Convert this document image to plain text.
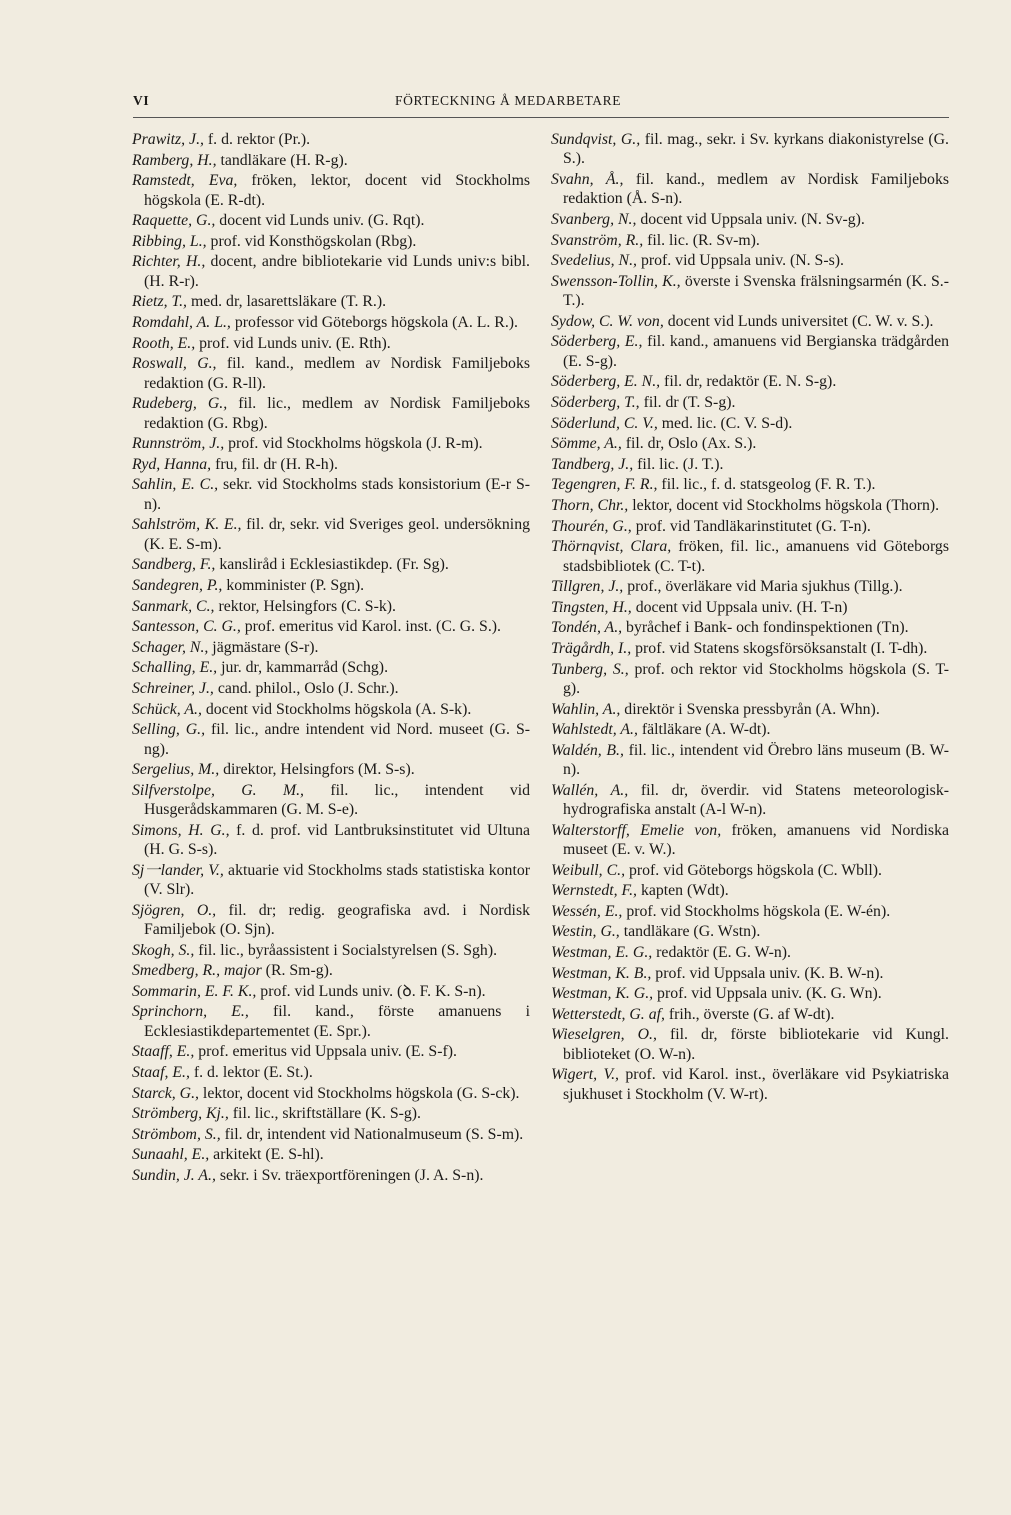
VI	FÖRTECKNING Å MEDARBETARE

Prawitz, J., f. d. rektor (Pr.).

Ramberg, H., tandläkare (H. R-g).

Ramstedt, Eva, fröken, lektor, docent vid Stockholms högskola (E. R-dt).

Raquette, G., docent vid Lunds univ. (G. Rqt).

Ribbing, L., prof. vid Konsthögskolan (Rbg).

Richter, H., docent, andre bibliotekarie vid Lunds univ:s bibl. (H. R-r).

Rietz, T., med. dr, lasarettsläkare (T. R.).

Romdahl, A. L., professor vid Göteborgs högskola (A. L. R.).

Rooth, E., prof. vid Lunds univ. (E. Rth).

Roswall, G., fil. kand., medlem av Nordisk Familjeboks redaktion (G. R-ll).

Rudeberg, G., fil. lic., medlem av Nordisk Familjeboks redaktion (G. Rbg).

Runnström, J., prof. vid Stockholms högskola (J. R-m).

Ryd, Hanna, fru, fil. dr (H. R-h).

Sahlin, E. C., sekr. vid Stockholms stads konsistorium (E-r S-n).

Sahlström, K. E., fil. dr, sekr. vid Sveriges geol. undersökning (K. E. S-m).

Sandberg, F., kanslіråd i Ecklesiastikdep. (Fr. Sg).

Sandegren, P., komminister (P. Sgn).

Sanmark, C., rektor, Helsingfors (C. S-k).

Santesson, C. G., prof. emeritus vid Karol. inst. (C. G. S.).

Schager, N., jägmästare (S-r).

Schalling, E., jur. dr, kammarråd (Schg).

Schreiner, J., cand. philol., Oslo (J. Schr.).

Schück, A., docent vid Stockholms högskola (A. S-k).

Selling, G., fil. lic., andre intendent vid Nord. museet (G. S-ng).

Sergelius, M., direktor, Helsingfors (M. S-s).

Silfverstolpe, G. M., fil. lic., intendent vid Husgerådskammaren (G. M. S-e).

Simons, H. G., f. d. prof. vid Lantbruksinstitutet vid Ultuna (H. G. S-s).

Sj㆒lander, V., aktuarie vid Stockholms stads statistiska kontor (V. Slr).

Sjögren, O., fil. dr; redig. geografiska avd. i Nordisk Familjebok (O. Sjn).

Skogh, S., fil. lic., byråassistent i Socialstyrelsen (S. Sgh).

Smedberg, R., major (R. Sm-g).

Sommarin, E. F. K., prof. vid Lunds univ. (ꝺ. F. K. S-n).

Sprinchorn, E., fil. kand., förste amanuens i Ecklesiastikdepartementet (E. Spr.).

Staaff, E., prof. emeritus vid Uppsala univ. (E. S-f).

Staaf, E., f. d. lektor (E. St.).

Starck, G., lektor, docent vid Stockholms högskola (G. S-ck).

Strömberg, Kj., fil. lic., skriftställare (K. S-g).

Strömbom, S., fil. dr, intendent vid Nationalmuseum (S. S-m).

Sunaahl, E., arkitekt (E. S-hl).

Sundin, J. A., sekr. i Sv. träexportföreningen (J. A. S-n).

Sundqvist, G., fil. mag., sekr. i Sv. kyrkans diakonistyrelse (G. S.).

Svahn, Å., fil. kand., medlem av Nordisk Familjeboks redaktion (Å. S-n).

Svanberg, N., docent vid Uppsala univ. (N. Sv-g).

Svanström, R., fil. lic. (R. Sv-m).

Svedelius, N., prof. vid Uppsala univ. (N. S-s).

Swensson-Tollin, K., överste i Svenska frälsningsarmén (K. S.-T.).

Sydow, C. W. von, docent vid Lunds universitet (C. W. v. S.).

Söderberg, E., fil. kand., amanuens vid Bergianska trädgården (E. S-g).

Söderberg, E. N., fil. dr, redaktör (E. N. S-g).

Söderberg, T., fil. dr (T. S-g).

Söderlund, C. V., med. lic. (C. V. S-d).

Sömme, A., fil. dr, Oslo (Ax. S.).

Tandberg, J., fil. lic. (J. T.).

Tegengren, F. R., fil. lic., f. d. statsgeolog (F. R. T.).

Thorn, Chr., lektor, docent vid Stockholms högskola (Thorn).

Thourén, G., prof. vid Tandläkarinstitutet (G. T-n).

Thörnqvist, Clara, fröken, fil. lic., amanuens vid Göteborgs stadsbibliotek (C. T-t).

Tillgren, J., prof., överläkare vid Maria sjukhus (Tillg.).

Tingsten, H., docent vid Uppsala univ. (H. T-n)

Tondén, A., byråchef i Bank- och fondinspektionen (Tn).

Trägårdh, I., prof. vid Statens skogsförsöksanstalt (I. T-dh).

Tunberg, S., prof. och rektor vid Stockholms högskola (S. T-g).

Wahlin, A., direktör i Svenska pressbyrån (A. Whn).

Wahlstedt, A., fältläkare (A. W-dt).

Waldén, B., fil. lic., intendent vid Örebro läns museum (B. W-n).

Wallén, A., fil. dr, överdir. vid Statens meteorologisk-hydrografiska anstalt (A-l W-n).

Walterstorff, Emelie von, fröken, amanuens vid Nordiska museet (E. v. W.).

Weibull, C., prof. vid Göteborgs högskola (C. Wbll).

Wernstedt, F., kapten (Wdt).

Wessén, E., prof. vid Stockholms högskola (E. W-én).

Westin, G., tandläkare (G. Wstn).

Westman, E. G., redaktör (E. G. W-n).

Westman, K. B., prof. vid Uppsala univ. (K. B. W-n).

Westman, K. G., prof. vid Uppsala univ. (K. G. Wn).

Wetterstedt, G. af, frih., överste (G. af W-dt).

Wieselgren, O., fil. dr, förste bibliotekarie vid Kungl. biblioteket (O. W-n).

Wigert, V., prof. vid Karol. inst., överläkare vid Psykiatriska sjukhuset i Stockholm (V. W-rt).
